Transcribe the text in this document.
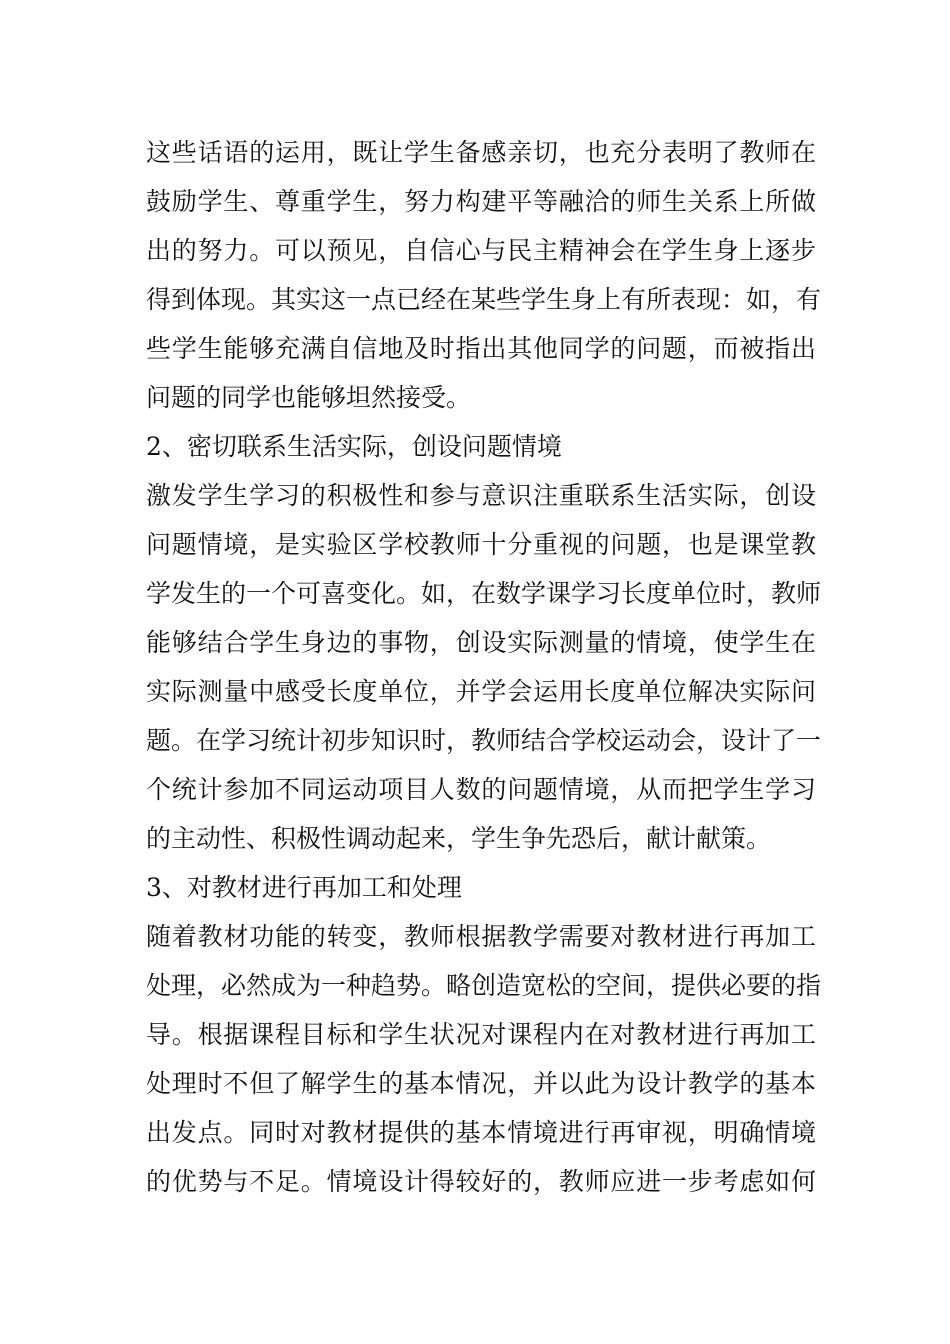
这些话语的运用，既让学生备感亲切，也充分表明了教师在
鼓励学生、尊重学生，努力构建平等融洽的师生关系上所做
出的努力。可以预见，自信心与民主精神会在学生身上逐步
得到体现。其实这一点已经在某些学生身上有所表现：如，有
些学生能够充满自信地及时指出其他同学的问题，而被指出
问题的同学也能够坦然接受。
2、密切联系生活实际，创设问题情境
激发学生学习的积极性和参与意识注重联系生活实际，创设
问题情境，是实验区学校教师十分重视的问题，也是课堂教
学发生的一个可喜变化。如，在数学课学习长度单位时，教师
能够结合学生身边的事物，创设实际测量的情境，使学生在
实际测量中感受长度单位，并学会运用长度单位解决实际问
题。在学习统计初步知识时，教师结合学校运动会，设计了一
个统计参加不同运动项目人数的问题情境，从而把学生学习
的主动性、积极性调动起来，学生争先恐后，献计献策。
3、对教材进行再加工和处理
随着教材功能的转变，教师根据教学需要对教材进行再加工
处理，必然成为一种趋势。略创造宽松的空间，提供必要的指
导。根据课程目标和学生状况对课程内在对教材进行再加工
处理时不但了解学生的基本情况，并以此为设计教学的基本
出发点。同时对教材提供的基本情境进行再审视，明确情境
的优势与不足。情境设计得较好的，教师应进一步考虑如何
